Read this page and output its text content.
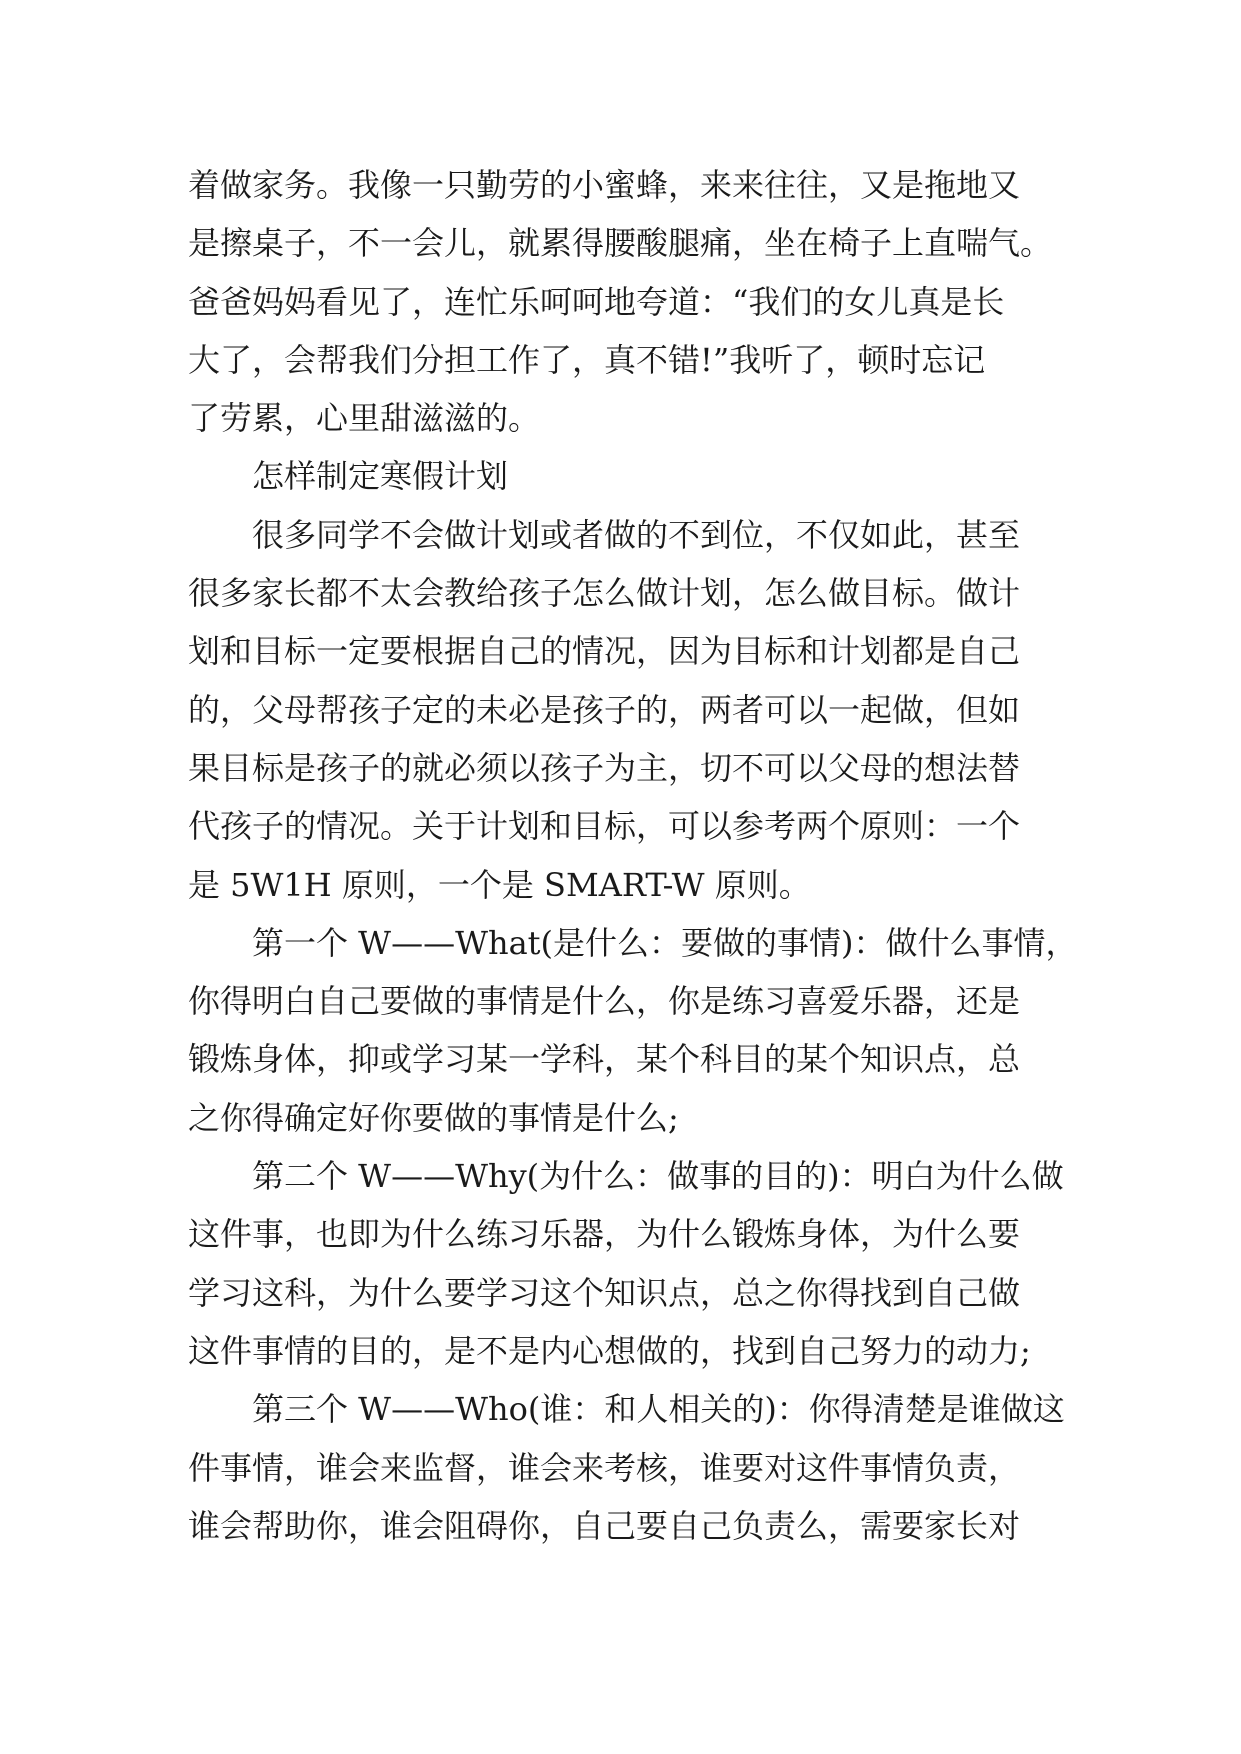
着做家务。我像一只勤劳的小蜜蜂，来来往往，又是拖地又
是擦桌子，不一会儿，就累得腰酸腿痛，坐在椅子上直喘气。
爸爸妈妈看见了，连忙乐呵呵地夸道：“我们的女儿真是长
大了，会帮我们分担工作了，真不错!”我听了，顿时忘记
了劳累，心里甜滋滋的。
　　怎样制定寒假计划
　　很多同学不会做计划或者做的不到位，不仅如此，甚至
很多家长都不太会教给孩子怎么做计划，怎么做目标。做计
划和目标一定要根据自己的情况，因为目标和计划都是自己
的，父母帮孩子定的未必是孩子的，两者可以一起做，但如
果目标是孩子的就必须以孩子为主，切不可以父母的想法替
代孩子的情况。关于计划和目标，可以参考两个原则：一个
是 5W1H 原则，一个是 SMART-W 原则。
　　第一个 W——What(是什么：要做的事情)：做什么事情，
你得明白自己要做的事情是什么，你是练习喜爱乐器，还是
锻炼身体，抑或学习某一学科，某个科目的某个知识点，总
之你得确定好你要做的事情是什么;
　　第二个 W——Why(为什么：做事的目的)：明白为什么做
这件事，也即为什么练习乐器，为什么锻炼身体，为什么要
学习这科，为什么要学习这个知识点，总之你得找到自己做
这件事情的目的，是不是内心想做的，找到自己努力的动力;
　　第三个 W——Who(谁：和人相关的)：你得清楚是谁做这
件事情，谁会来监督，谁会来考核，谁要对这件事情负责，
谁会帮助你，谁会阻碍你，自己要自己负责么，需要家长对
